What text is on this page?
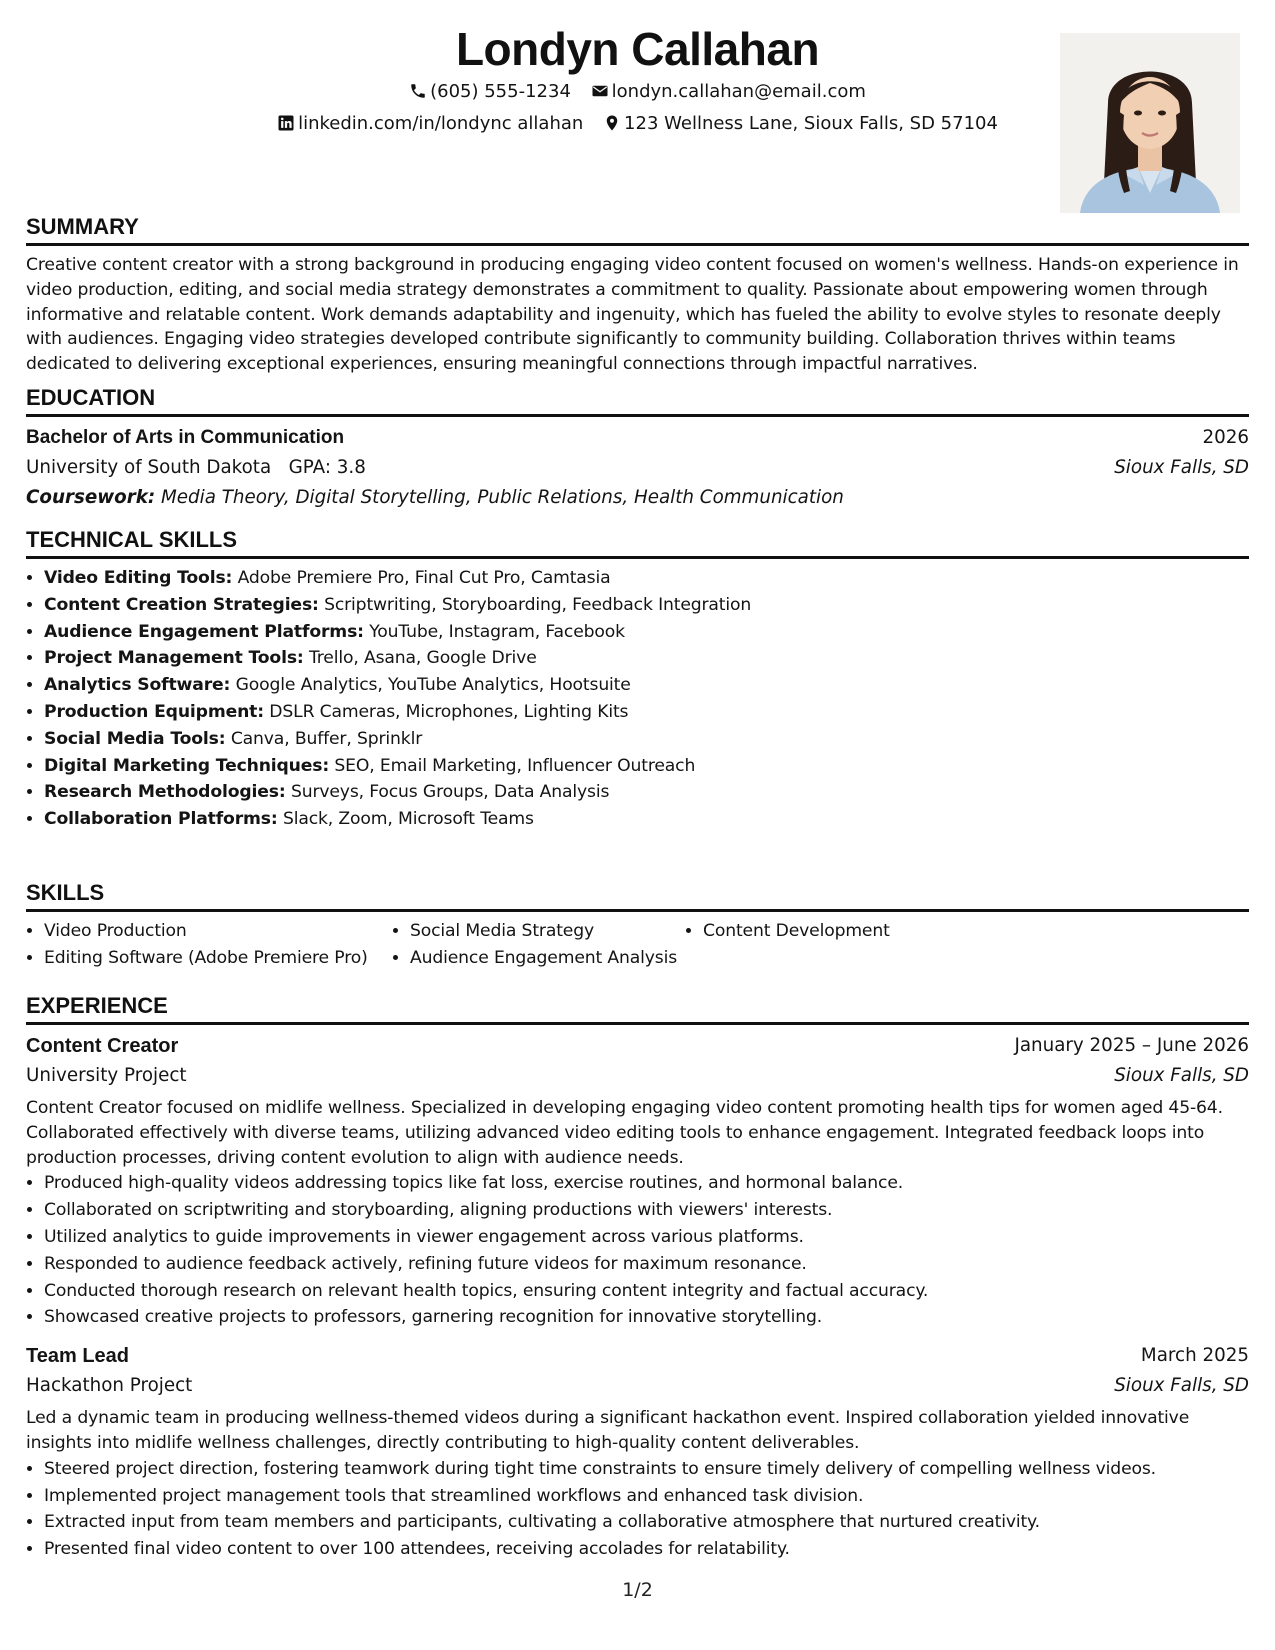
Londyn Callahan
(605) 555-1234 londyn.callahan@email.com
linkedin.com/in/londync allahan 123 Wellness Lane, Sioux Falls, SD 57104
SUMMARY
Creative content creator with a strong background in producing engaging video content focused on women's wellness. Hands-on experience in video production, editing, and social media strategy demonstrates a commitment to quality. Passionate about empowering women through informative and relatable content. Work demands adaptability and ingenuity, which has fueled the ability to evolve styles to resonate deeply with audiences. Engaging video strategies developed contribute significantly to community building. Collaboration thrives within teams dedicated to delivering exceptional experiences, ensuring meaningful connections through impactful narratives.
EDUCATION
Bachelor of Arts in Communication	2026
University of South Dakota GPA: 3.8	Sioux Falls, SD
Coursework: Media Theory, Digital Storytelling, Public Relations, Health Communication
TECHNICAL SKILLS
• Video Editing Tools: Adobe Premiere Pro, Final Cut Pro, Camtasia
• Content Creation Strategies: Scriptwriting, Storyboarding, Feedback Integration
• Audience Engagement Platforms: YouTube, Instagram, Facebook
• Project Management Tools: Trello, Asana, Google Drive
• Analytics Software: Google Analytics, YouTube Analytics, Hootsuite
• Production Equipment: DSLR Cameras, Microphones, Lighting Kits
• Social Media Tools: Canva, Buffer, Sprinklr
• Digital Marketing Techniques: SEO, Email Marketing, Influencer Outreach
• Research Methodologies: Surveys, Focus Groups, Data Analysis
• Collaboration Platforms: Slack, Zoom, Microsoft Teams
SKILLS
• Video Production
• Editing Software (Adobe Premiere Pro)
• Social Media Strategy
• Audience Engagement Analysis
• Content Development
EXPERIENCE
Content Creator	January 2025 – June 2026
University Project	Sioux Falls, SD
Content Creator focused on midlife wellness. Specialized in developing engaging video content promoting health tips for women aged 45-64. Collaborated effectively with diverse teams, utilizing advanced video editing tools to enhance engagement. Integrated feedback loops into production processes, driving content evolution to align with audience needs.
• Produced high-quality videos addressing topics like fat loss, exercise routines, and hormonal balance.
• Collaborated on scriptwriting and storyboarding, aligning productions with viewers' interests.
• Utilized analytics to guide improvements in viewer engagement across various platforms.
• Responded to audience feedback actively, refining future videos for maximum resonance.
• Conducted thorough research on relevant health topics, ensuring content integrity and factual accuracy.
• Showcased creative projects to professors, garnering recognition for innovative storytelling.
Team Lead	March 2025
Hackathon Project	Sioux Falls, SD
Led a dynamic team in producing wellness-themed videos during a significant hackathon event. Inspired collaboration yielded innovative insights into midlife wellness challenges, directly contributing to high-quality content deliverables.
• Steered project direction, fostering teamwork during tight time constraints to ensure timely delivery of compelling wellness videos.
• Implemented project management tools that streamlined workflows and enhanced task division.
• Extracted input from team members and participants, cultivating a collaborative atmosphere that nurtured creativity.
• Presented final video content to over 100 attendees, receiving accolades for relatability.
1/2
